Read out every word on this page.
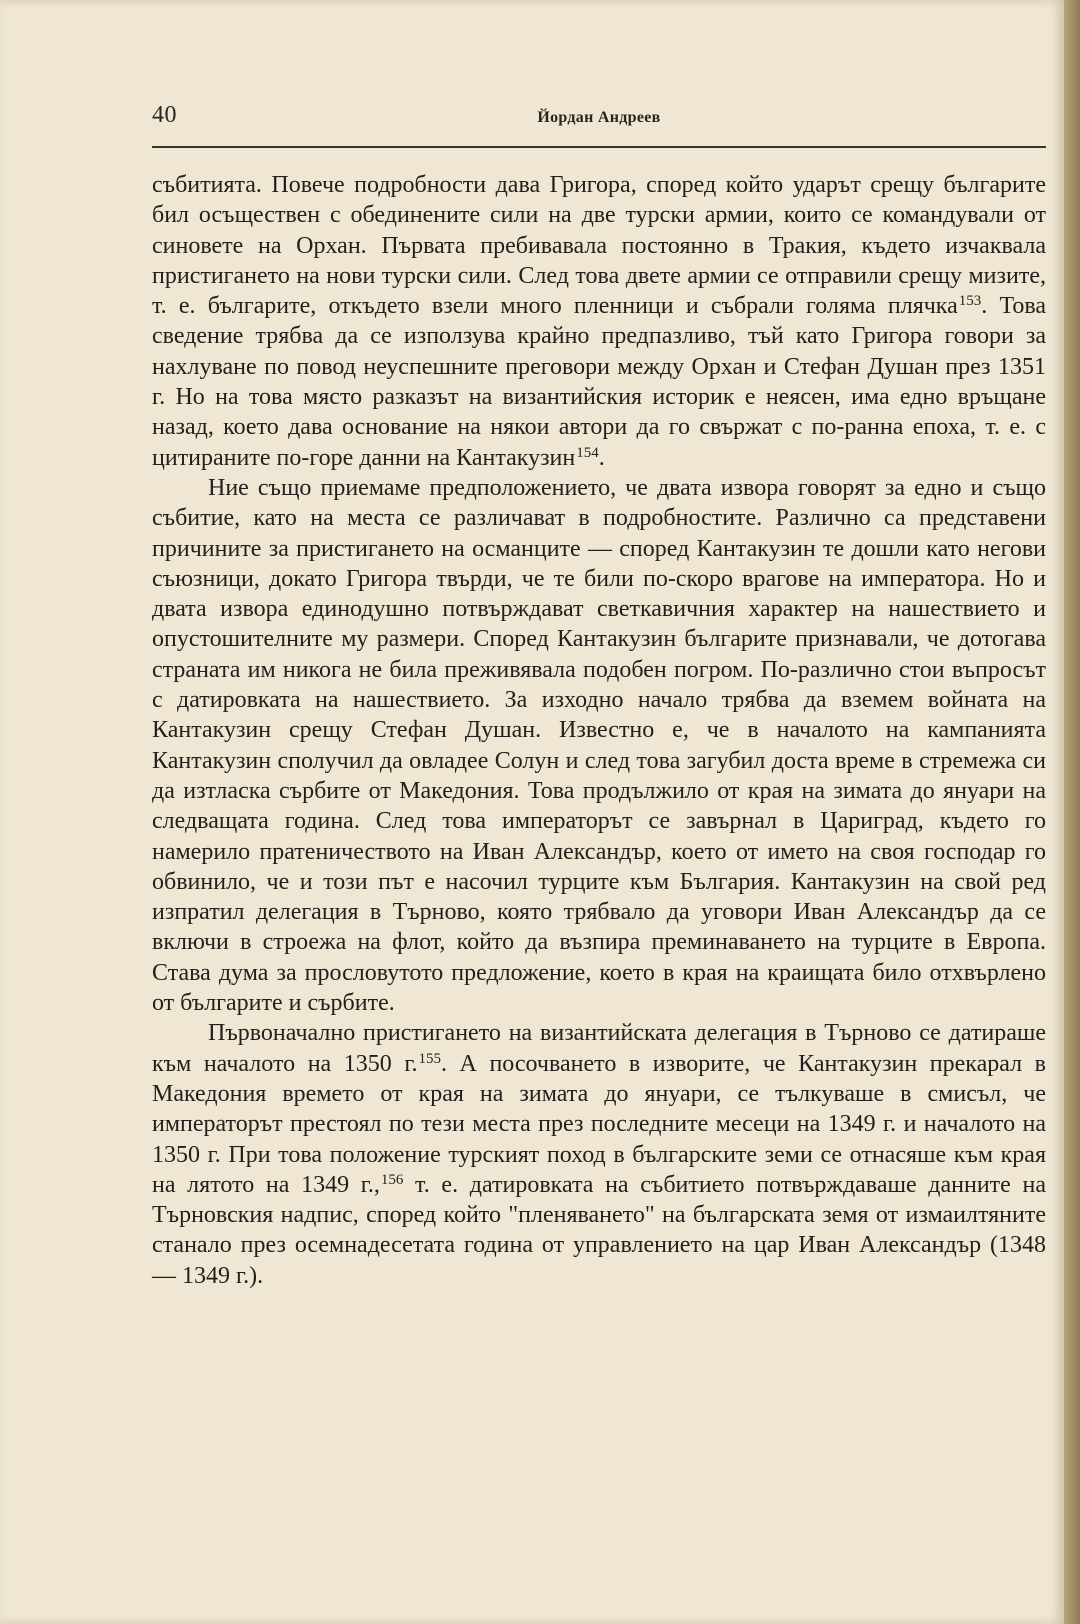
40	Йордан Андреев

събитията. Повече подробности дава Григора, според който ударът срещу българите бил осъществен с обединените сили на две турски армии, които се командували от синовете на Орхан. Първата пребивавала постоянно в Тракия, където изчаквала пристигането на нови турски сили. След това двете армии се отправили срещу мизите, т. е. българите, откъдето взели много пленници и събрали голяма плячка$^{153}$. Това сведение трябва да се използува крайно предпазливо, тъй като Григора говори за нахлуване по повод неуспешните преговори между Орхан и Стефан Душан през 1351 г. Но на това място разказът на византийския историк е неясен, има едно връщане назад, което дава основание на някои автори да го свържат с по-ранна епоха, т. е. с цитираните по-горе данни на Кантакузин$^{154}$.

Ние също приемаме предположението, че двата извора говорят за едно и също събитие, като на места се различават в подробностите. Различно са представени причините за пристигането на османците — според Кантакузин те дошли като негови съюзници, докато Григора твърди, че те били по-скоро врагове на императора. Но и двата извора единодушно потвърждават светкавичния характер на нашествието и опустошителните му размери. Според Кантакузин българите признавали, че дотогава страната им никога не била преживявала подобен погром. По-различно стои въпросът с датировката на нашествието. За изходно начало трябва да вземем войната на Кантакузин срещу Стефан Душан. Известно е, че в началото на кампанията Кантакузин сполучил да овладее Солун и след това загубил доста време в стремежа си да изтласка сърбите от Македония. Това продължило от края на зимата до януари на следващата година. След това императорът се завърнал в Цариград, където го намерило пратеничеството на Иван Александър, което от името на своя господар го обвинило, че и този път е насочил турците към България. Кантакузин на свой ред изпратил делегация в Търново, която трябвало да уговори Иван Александър да се включи в строежа на флот, който да възпира преминаването на турците в Европа. Става дума за прословутото предложение, което в края на краищата било отхвърлено от българите и сърбите.

Първоначално пристигането на византийската делегация в Търново се датираше към началото на 1350 г.$^{155}$. А посочването в изворите, че Кантакузин прекарал в Македония времето от края на зимата до януари, се тълкуваше в смисъл, че императорът престоял по тези места през последните месеци на 1349 г. и началото на 1350 г. При това положение турският поход в българските земи се отнасяше към края на лятото на 1349 г.,$^{156}$ т. е. датировката на събитието потвърждаваше данните на Търновския надпис, според който "пленяването" на българската земя от измаилтяните станало през осемнадесетата година от управлението на цар Иван Александър (1348 — 1349 г.).
